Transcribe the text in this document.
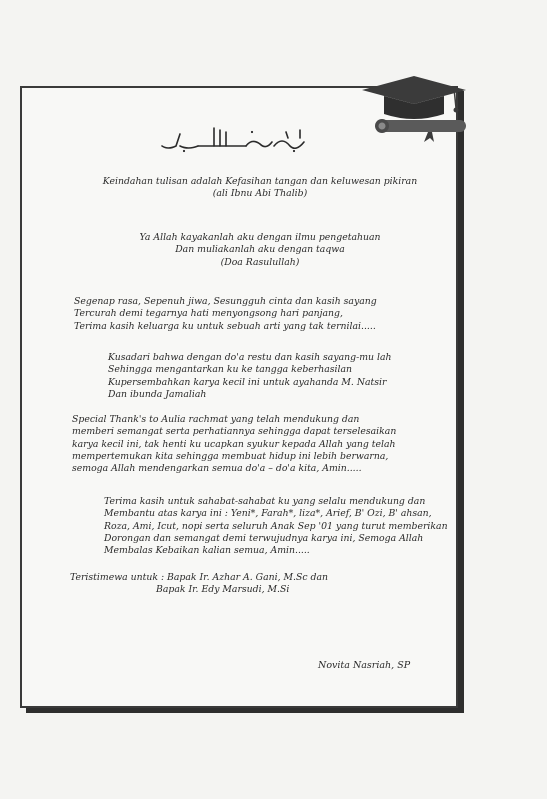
Keindahan tulisan adalah Kefasihan tangan dan keluwesan pikiran
(ali Ibnu Abi Thalib)
Ya Allah kayakanlah aku dengan ilmu pengetahuan
Dan muliakanlah aku dengan taqwa
(Doa Rasulullah)
Segenap rasa, Sepenuh jiwa, Sesungguh cinta dan kasih sayang
Tercurah demi tegarnya hati menyongsong hari panjang,
Terima kasih keluarga ku untuk sebuah arti yang tak ternilai.....
Kusadari bahwa dengan do'a restu dan kasih sayang-mu lah
Sehingga mengantarkan ku ke tangga keberhasilan
Kupersembahkan karya kecil ini untuk ayahanda M. Natsir
Dan ibunda Jamaliah
Special Thank's to Aulia rachmat yang telah mendukung dan
memberi semangat serta perhatiannya sehingga dapat terselesaikan
karya kecil ini, tak henti ku ucapkan syukur kepada Allah yang telah
mempertemukan kita sehingga membuat hidup ini lebih berwarna,
semoga Allah mendengarkan semua do'a – do'a kita, Amin.....
Terima kasih untuk sahabat-sahabat ku yang selalu mendukung dan
Membantu atas karya ini : Yeni*, Farah*, liza*, Arief, B' Ozi, B' ahsan,
Roza, Ami, Icut, nopi serta seluruh Anak Sep '01 yang turut memberikan
Dorongan dan semangat demi terwujudnya karya ini, Semoga Allah
Membalas Kebaikan kalian semua, Amin.....
Teristimewa untuk : Bapak Ir. Azhar A. Gani, M.Sc dan
Bapak Ir. Edy Marsudi, M.Si
Novita Nasriah, SP
